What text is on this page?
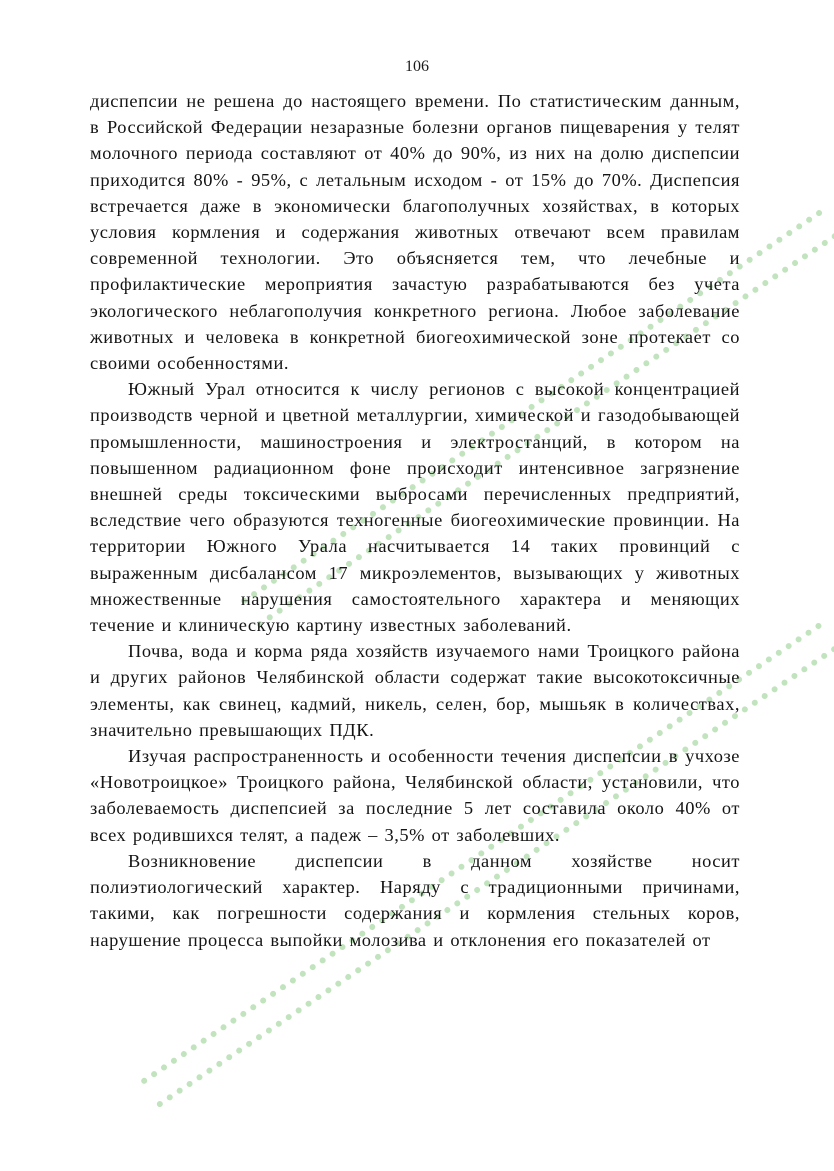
106

диспепсии не решена до настоящего времени. По статистическим данным, в Российской Федерации незаразные болезни органов пищеварения у телят молочного периода составляют от 40% до 90%, из них на долю диспепсии приходится 80% - 95%, с летальным исходом - от 15% до 70%. Диспепсия встречается даже в экономически благополучных хозяйствах, в которых условия кормления и содержания животных отвечают всем правилам современной технологии. Это объясняется тем, что лечебные и профилактические мероприятия зачастую разрабатываются без учета экологического неблагополучия конкретного региона. Любое заболевание животных и человека в конкретной биогеохимической зоне протекает со своими особенностями.

Южный Урал относится к числу регионов с высокой концентрацией производств черной и цветной металлургии, химической и газодобывающей промышленности, машиностроения и электростанций, в котором на повышенном радиационном фоне происходит интенсивное загрязнение внешней среды токсическими выбросами перечисленных предприятий, вследствие чего образуются техногенные биогеохимические провинции. На территории Южного Урала насчитывается 14 таких провинций с выраженным дисбалансом 17 микроэлементов, вызывающих у животных множественные нарушения самостоятельного характера и меняющих течение и клиническую картину известных заболеваний.

Почва, вода и корма ряда хозяйств изучаемого нами Троицкого района и других районов Челябинской области содержат такие высокотоксичные элементы, как свинец, кадмий, никель, селен, бор, мышьяк в количествах, значительно превышающих ПДК.

Изучая распространенность и особенности течения диспепсии в учхозе «Новотроицкое» Троицкого района, Челябинской области, установили, что заболеваемость диспепсией за последние 5 лет составила около 40% от всех родившихся телят, а падеж – 3,5% от заболевших.

Возникновение диспепсии в данном хозяйстве носит полиэтиологический характер. Наряду с традиционными причинами, такими, как погрешности содержания и кормления стельных коров, нарушение процесса выпойки молозива и отклонения его показателей от
